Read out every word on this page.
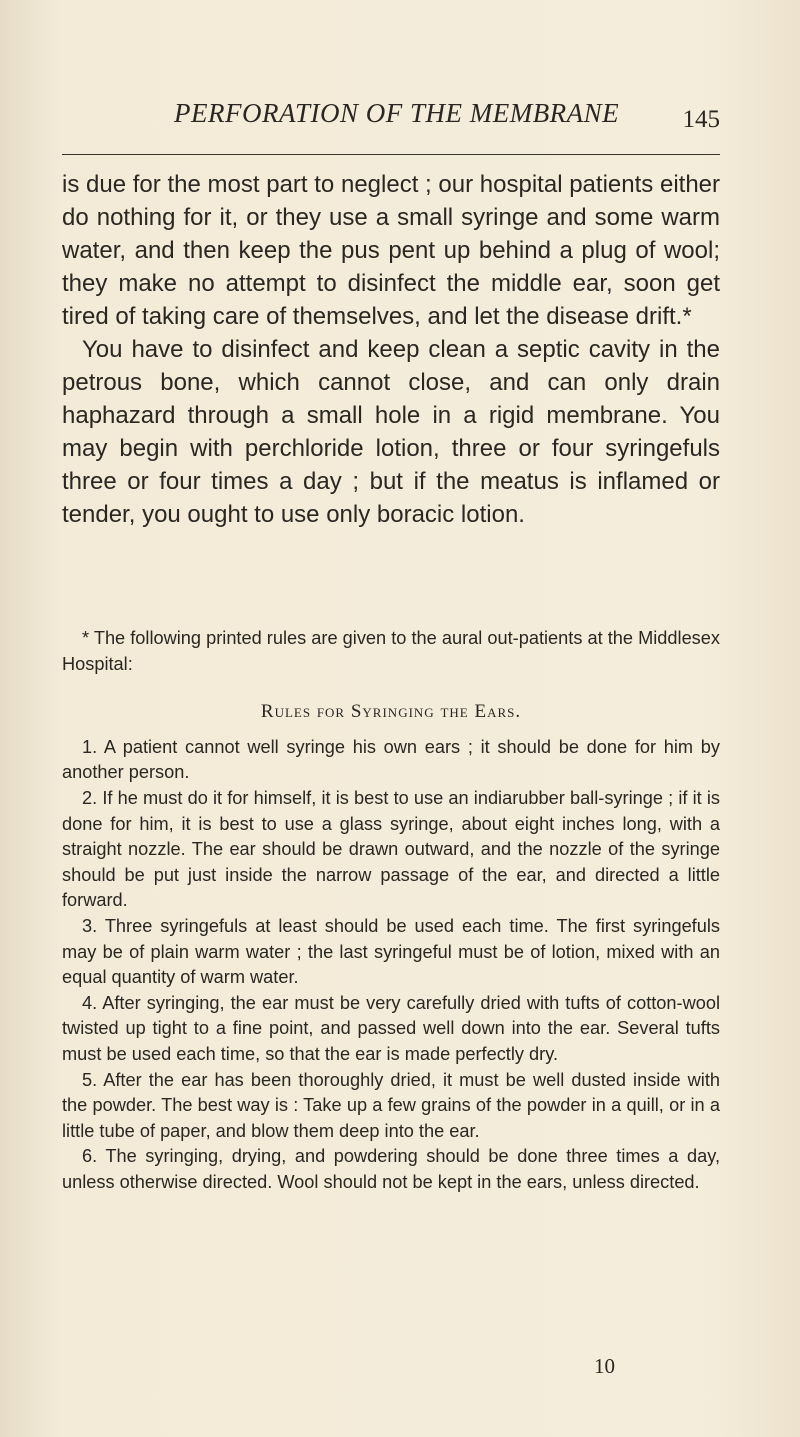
PERFORATION OF THE MEMBRANE	145

is due for the most part to neglect ; our hospital patients either do nothing for it, or they use a small syringe and some warm water, and then keep the pus pent up behind a plug of wool; they make no attempt to disinfect the middle ear, soon get tired of taking care of themselves, and let the disease drift.*

You have to disinfect and keep clean a septic cavity in the petrous bone, which cannot close, and can only drain haphazard through a small hole in a rigid membrane. You may begin with perchloride lotion, three or four syringefuls three or four times a day ; but if the meatus is inflamed or tender, you ought to use only boracic lotion.

* The following printed rules are given to the aural out-patients at the Middlesex Hospital:

Rules for Syringing the Ears.

1. A patient cannot well syringe his own ears ; it should be done for him by another person.

2. If he must do it for himself, it is best to use an indiarubber ball-syringe ; if it is done for him, it is best to use a glass syringe, about eight inches long, with a straight nozzle. The ear should be drawn outward, and the nozzle of the syringe should be put just inside the narrow passage of the ear, and directed a little forward.

3. Three syringefuls at least should be used each time. The first syringefuls may be of plain warm water ; the last syringeful must be of lotion, mixed with an equal quantity of warm water.

4. After syringing, the ear must be very carefully dried with tufts of cotton-wool twisted up tight to a fine point, and passed well down into the ear. Several tufts must be used each time, so that the ear is made perfectly dry.

5. After the ear has been thoroughly dried, it must be well dusted inside with the powder. The best way is : Take up a few grains of the powder in a quill, or in a little tube of paper, and blow them deep into the ear.

6. The syringing, drying, and powdering should be done three times a day, unless otherwise directed. Wool should not be kept in the ears, unless directed.

10
